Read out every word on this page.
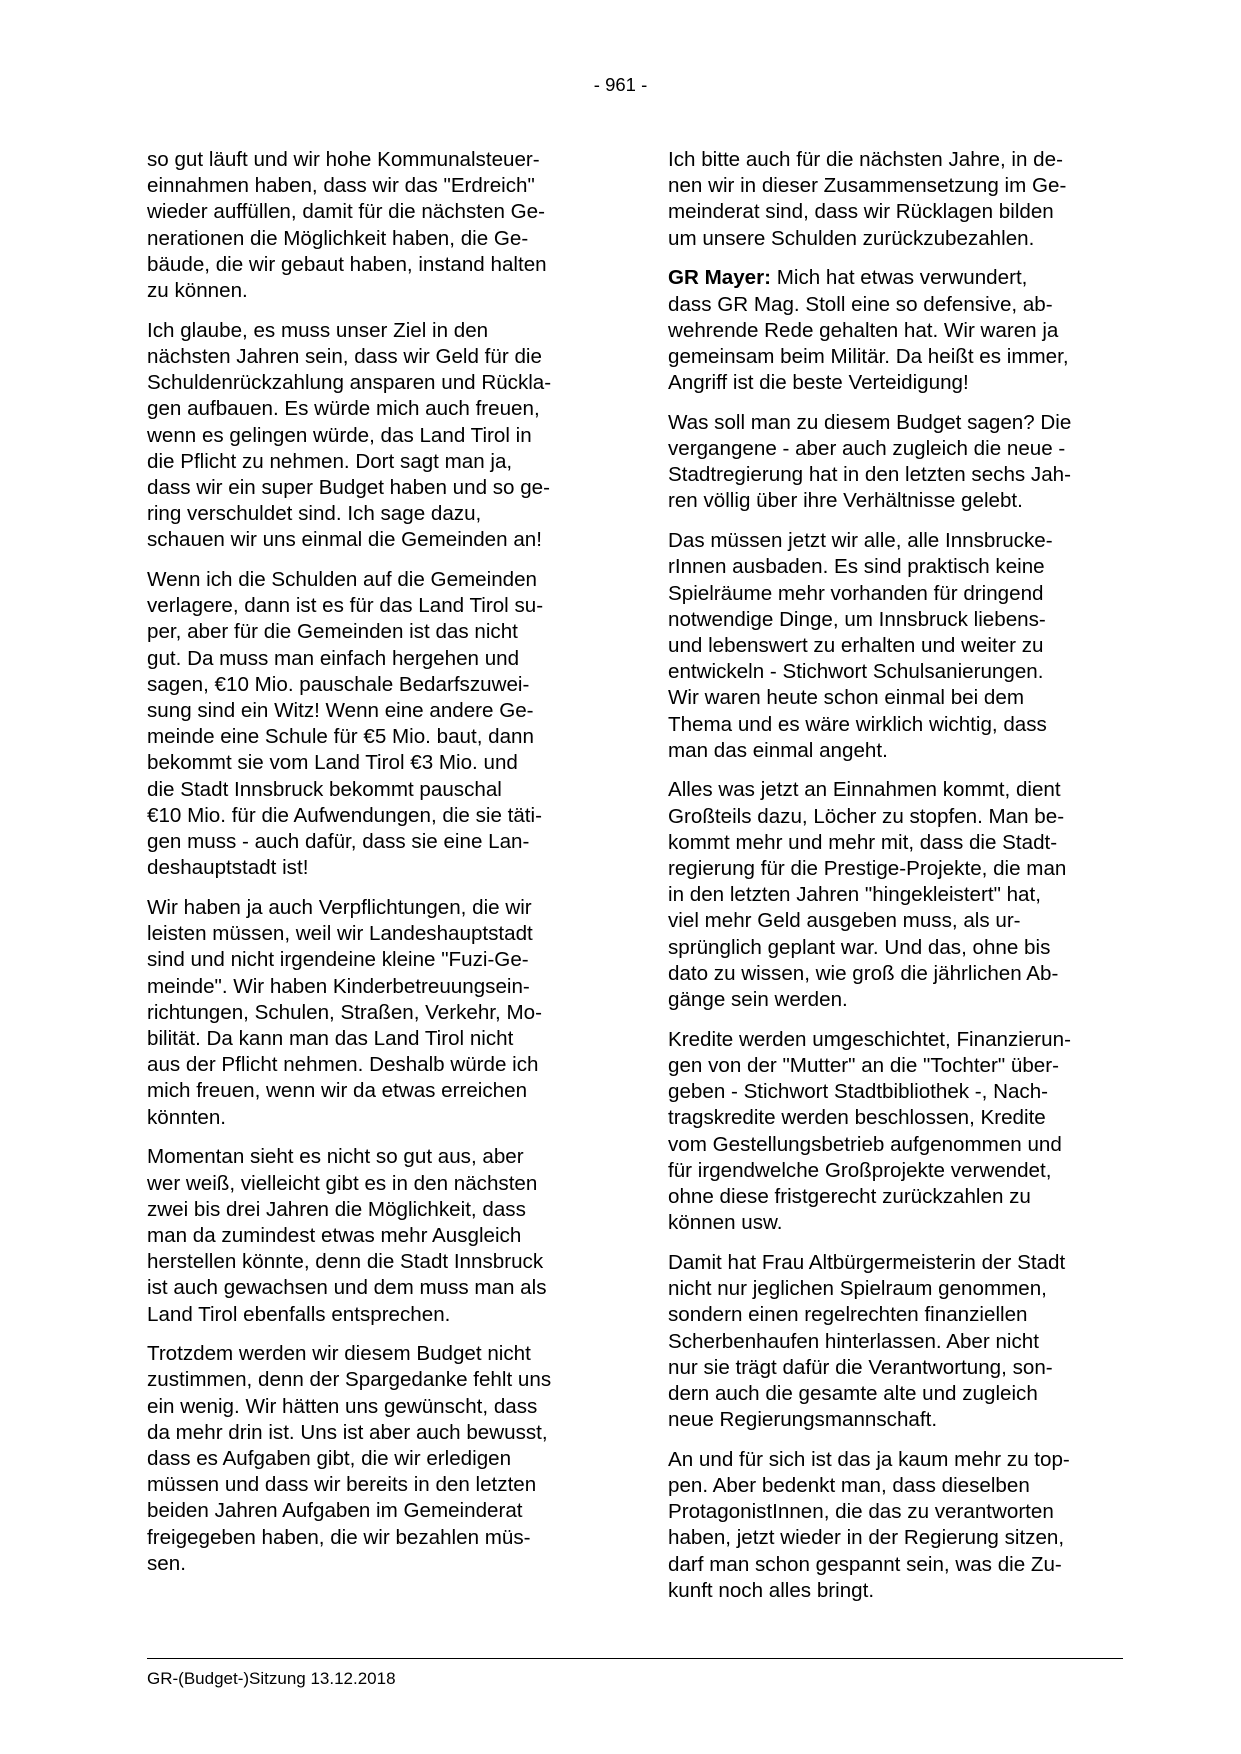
- 961 -

so gut läuft und wir hohe Kommunalsteuer-
einnahmen haben, dass wir das "Erdreich"
wieder auffüllen, damit für die nächsten Ge-
nerationen die Möglichkeit haben, die Ge-
bäude, die wir gebaut haben, instand halten
zu können.

Ich glaube, es muss unser Ziel in den
nächsten Jahren sein, dass wir Geld für die
Schuldenrückzahlung ansparen und Rückla-
gen aufbauen. Es würde mich auch freuen,
wenn es gelingen würde, das Land Tirol in
die Pflicht zu nehmen. Dort sagt man ja,
dass wir ein super Budget haben und so ge-
ring verschuldet sind. Ich sage dazu,
schauen wir uns einmal die Gemeinden an!

Wenn ich die Schulden auf die Gemeinden
verlagere, dann ist es für das Land Tirol su-
per, aber für die Gemeinden ist das nicht
gut. Da muss man einfach hergehen und
sagen, €10 Mio. pauschale Bedarfszuwei-
sung sind ein Witz! Wenn eine andere Ge-
meinde eine Schule für €5 Mio. baut, dann
bekommt sie vom Land Tirol €3 Mio. und
die Stadt Innsbruck bekommt pauschal
€10 Mio. für die Aufwendungen, die sie täti-
gen muss - auch dafür, dass sie eine Lan-
deshauptstadt ist!

Wir haben ja auch Verpflichtungen, die wir
leisten müssen, weil wir Landeshauptstadt
sind und nicht irgendeine kleine "Fuzi-Ge-
meinde". Wir haben Kinderbetreuungsein-
richtungen, Schulen, Straßen, Verkehr, Mo-
bilität. Da kann man das Land Tirol nicht
aus der Pflicht nehmen. Deshalb würde ich
mich freuen, wenn wir da etwas erreichen
könnten.

Momentan sieht es nicht so gut aus, aber
wer weiß, vielleicht gibt es in den nächsten
zwei bis drei Jahren die Möglichkeit, dass
man da zumindest etwas mehr Ausgleich
herstellen könnte, denn die Stadt Innsbruck
ist auch gewachsen und dem muss man als
Land Tirol ebenfalls entsprechen.

Trotzdem werden wir diesem Budget nicht
zustimmen, denn der Spargedanke fehlt uns
ein wenig. Wir hätten uns gewünscht, dass
da mehr drin ist. Uns ist aber auch bewusst,
dass es Aufgaben gibt, die wir erledigen
müssen und dass wir bereits in den letzten
beiden Jahren Aufgaben im Gemeinderat
freigegeben haben, die wir bezahlen müs-
sen.

Ich bitte auch für die nächsten Jahre, in de-
nen wir in dieser Zusammensetzung im Ge-
meinderat sind, dass wir Rücklagen bilden
um unsere Schulden zurückzubezahlen.

GR Mayer: Mich hat etwas verwundert,
dass GR Mag. Stoll eine so defensive, ab-
wehrende Rede gehalten hat. Wir waren ja
gemeinsam beim Militär. Da heißt es immer,
Angriff ist die beste Verteidigung!

Was soll man zu diesem Budget sagen? Die
vergangene - aber auch zugleich die neue -
Stadtregierung hat in den letzten sechs Jah-
ren völlig über ihre Verhältnisse gelebt.

Das müssen jetzt wir alle, alle Innsbrucke-
rInnen ausbaden. Es sind praktisch keine
Spielräume mehr vorhanden für dringend
notwendige Dinge, um Innsbruck liebens-
und lebenswert zu erhalten und weiter zu
entwickeln - Stichwort Schulsanierungen.
Wir waren heute schon einmal bei dem
Thema und es wäre wirklich wichtig, dass
man das einmal angeht.

Alles was jetzt an Einnahmen kommt, dient
Großteils dazu, Löcher zu stopfen. Man be-
kommt mehr und mehr mit, dass die Stadt-
regierung für die Prestige-Projekte, die man
in den letzten Jahren "hingekleistert" hat,
viel mehr Geld ausgeben muss, als ur-
sprünglich geplant war. Und das, ohne bis
dato zu wissen, wie groß die jährlichen Ab-
gänge sein werden.

Kredite werden umgeschichtet, Finanzierun-
gen von der "Mutter" an die "Tochter" über-
geben - Stichwort Stadtbibliothek -, Nach-
tragskredite werden beschlossen, Kredite
vom Gestellungsbetrieb aufgenommen und
für irgendwelche Großprojekte verwendet,
ohne diese fristgerecht zurückzahlen zu
können usw.

Damit hat Frau Altbürgermeisterin der Stadt
nicht nur jeglichen Spielraum genommen,
sondern einen regelrechten finanziellen
Scherbenhaufen hinterlassen. Aber nicht
nur sie trägt dafür die Verantwortung, son-
dern auch die gesamte alte und zugleich
neue Regierungsmannschaft.

An und für sich ist das ja kaum mehr zu top-
pen. Aber bedenkt man, dass dieselben
ProtagonistInnen, die das zu verantworten
haben, jetzt wieder in der Regierung sitzen,
darf man schon gespannt sein, was die Zu-
kunft noch alles bringt.

GR-(Budget-)Sitzung 13.12.2018
